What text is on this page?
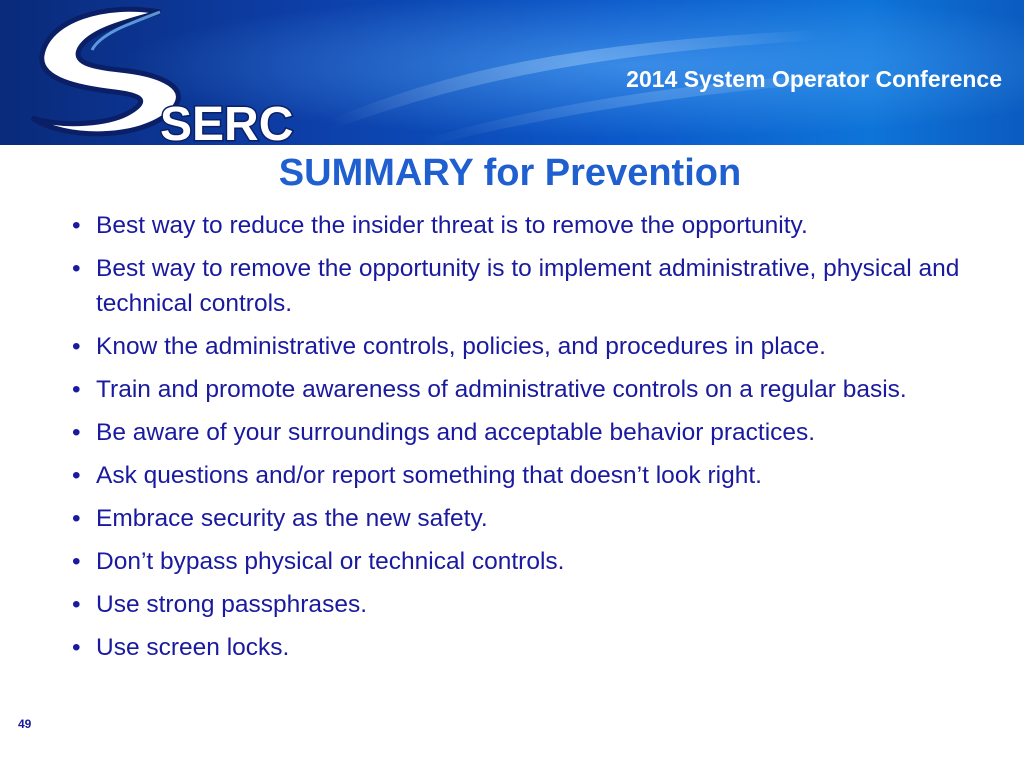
SERC
2014 System Operator Conference
SUMMARY for Prevention
• Best way to reduce the insider threat is to remove the opportunity.
• Best way to remove the opportunity is to implement administrative, physical and technical controls.
• Know the administrative controls, policies, and procedures in place.
• Train and promote awareness of administrative controls on a regular basis.
• Be aware of your surroundings and acceptable behavior practices.
• Ask questions and/or report something that doesn’t look right.
• Embrace security as the new safety.
• Don’t bypass physical or technical controls.
• Use strong passphrases.
• Use screen locks.
49
